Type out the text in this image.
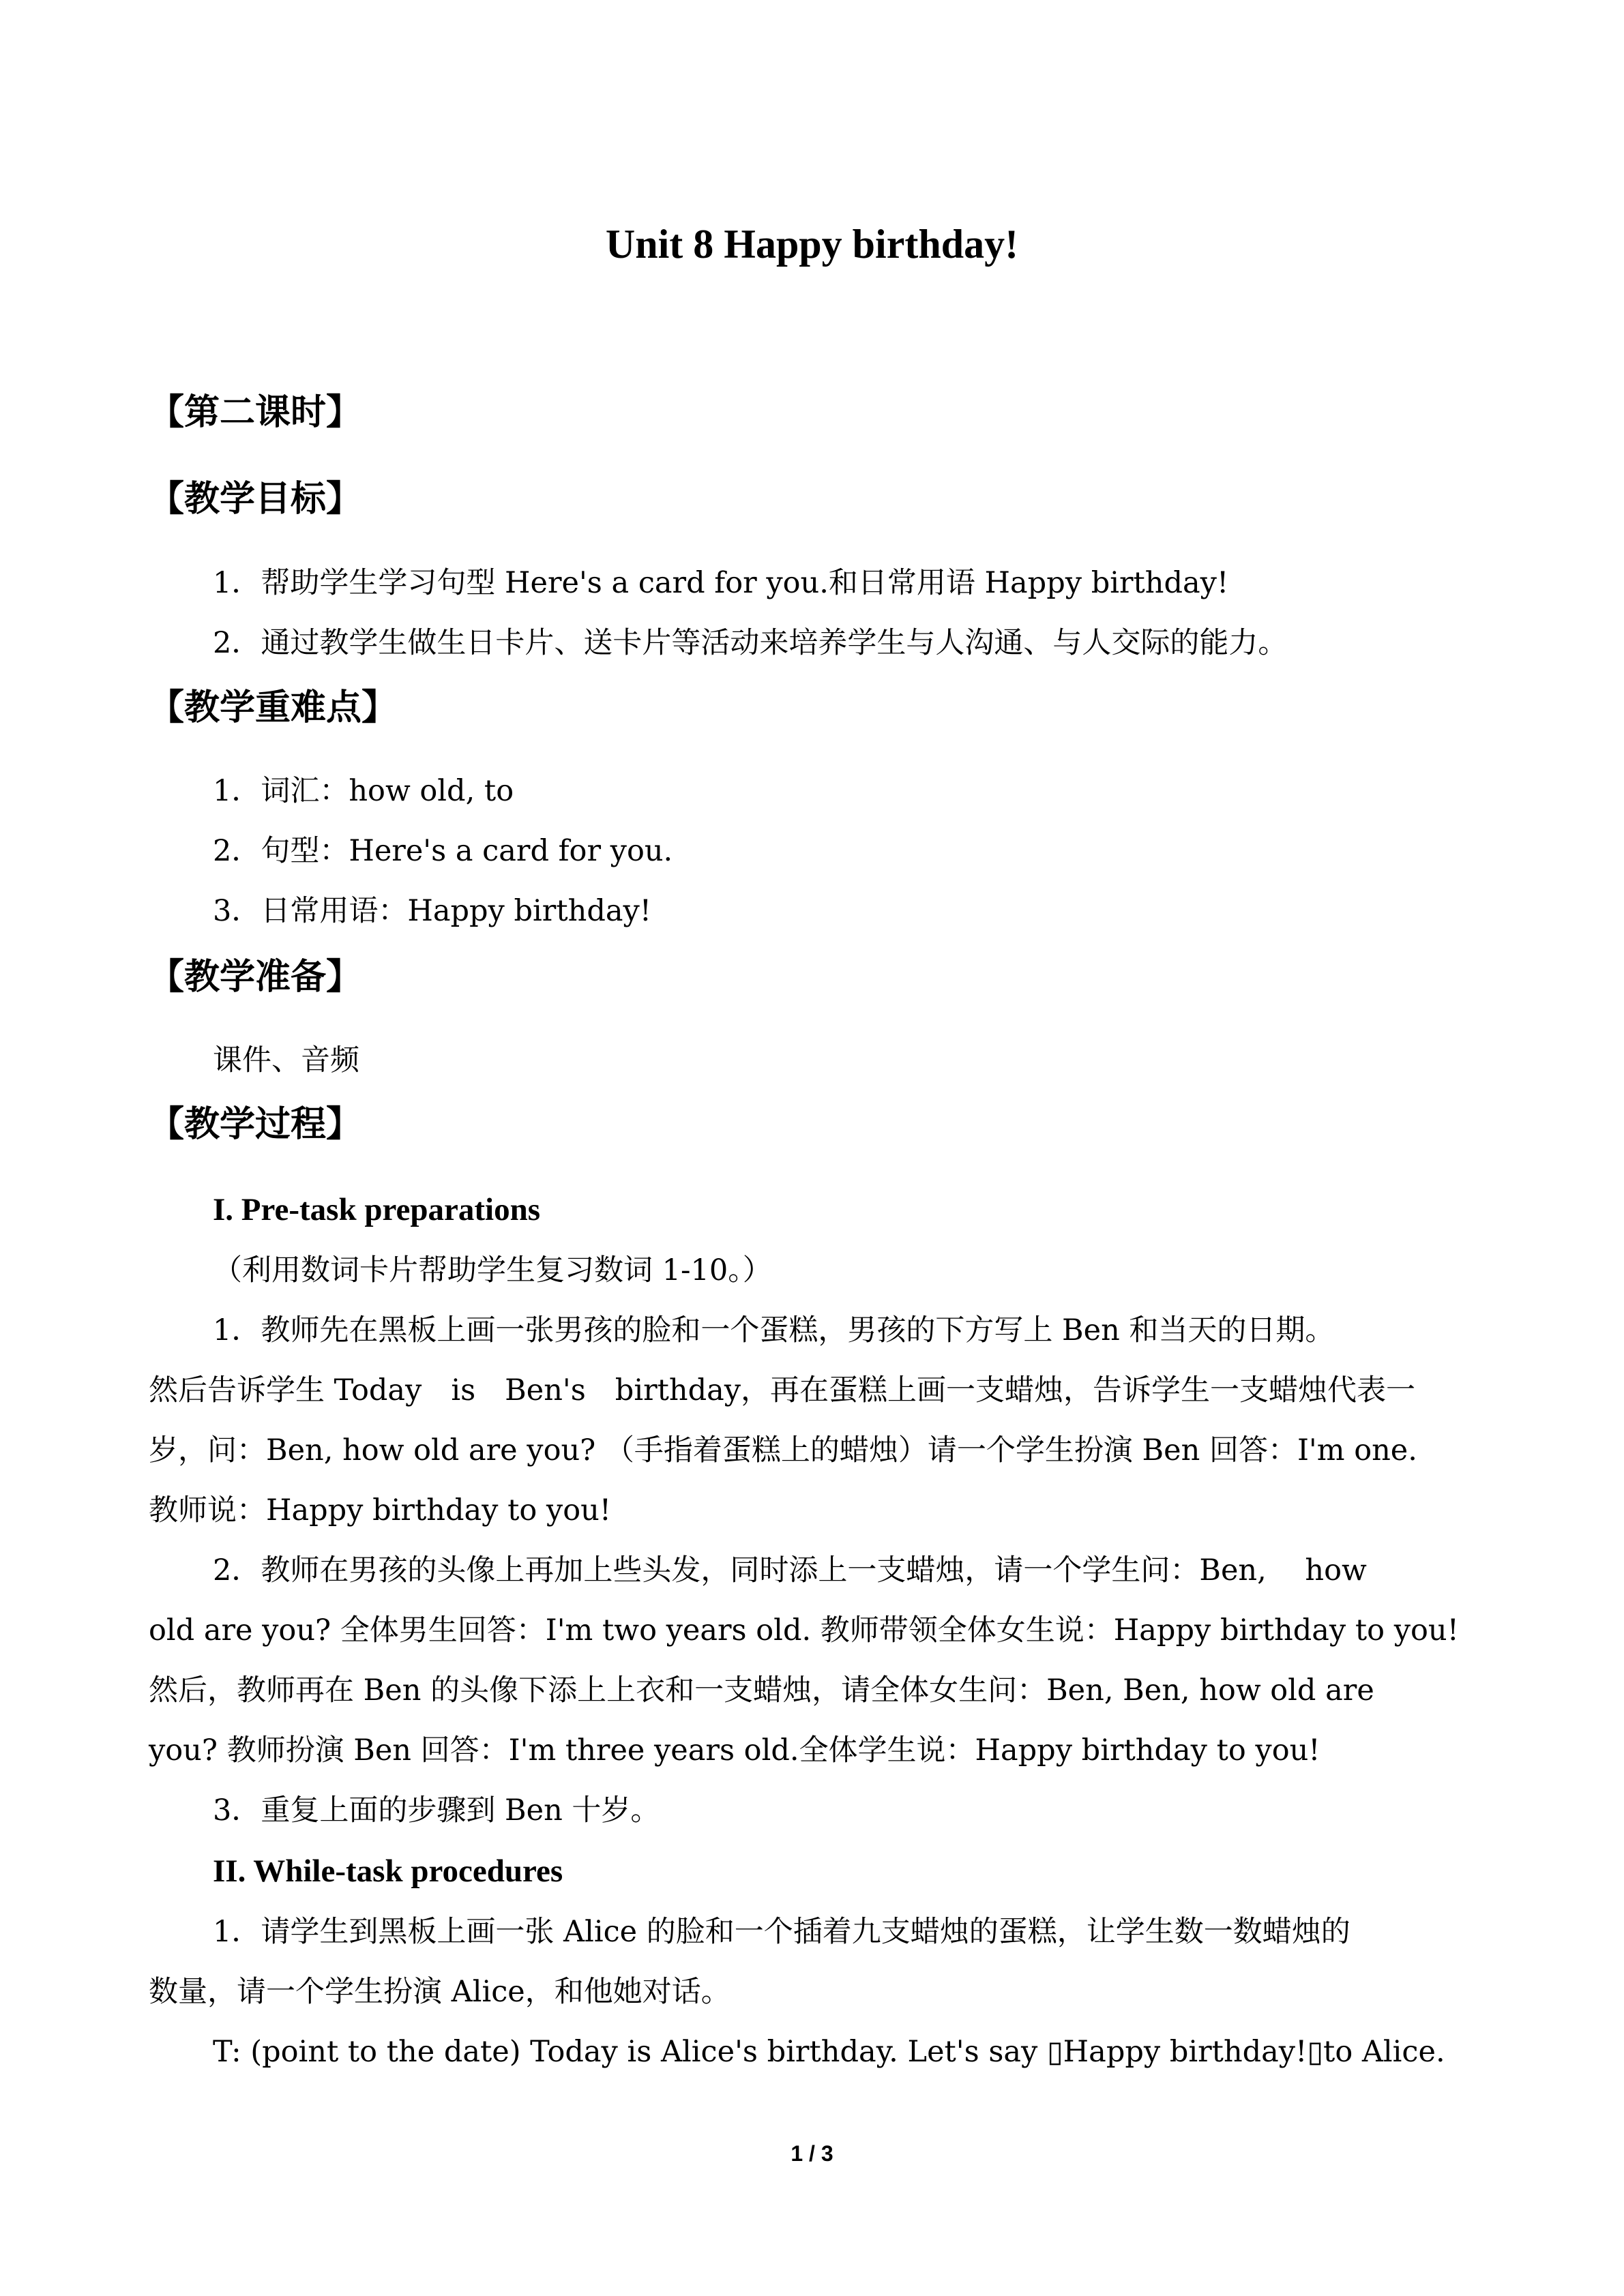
Unit 8 Happy birthday!
【第二课时】
【教学目标】
1．帮助学生学习句型 Here's a card for you.和日常用语 Happy birthday!
2．通过教学生做生日卡片、送卡片等活动来培养学生与人沟通、与人交际的能力。
【教学重难点】
1．词汇：how old, to
2．句型：Here's a card for you.
3．日常用语：Happy birthday!
【教学准备】
课件、音频
【教学过程】
I. Pre-task preparations
（利用数词卡片帮助学生复习数词 1-10。）
1．教师先在黑板上画一张男孩的脸和一个蛋糕，男孩的下方写上 Ben 和当天的日期。
然后告诉学生 Today　is　Ben's　birthday，再在蛋糕上画一支蜡烛，告诉学生一支蜡烛代表一
岁，问：Ben, how old are you? （手指着蛋糕上的蜡烛）请一个学生扮演 Ben 回答：I'm one.
教师说：Happy birthday to you!
2．教师在男孩的头像上再加上些头发，同时添上一支蜡烛，请一个学生问：Ben,　 how
old are you? 全体男生回答：I'm two years old. 教师带领全体女生说：Happy birthday to you!
然后，教师再在 Ben 的头像下添上上衣和一支蜡烛，请全体女生问：Ben, Ben, how old are
you? 教师扮演 Ben 回答：I'm three years old.全体学生说：Happy birthday to you!
3．重复上面的步骤到 Ben 十岁。
II. While-task procedures
1．请学生到黑板上画一张 Alice 的脸和一个插着九支蜡烛的蛋糕，让学生数一数蜡烛的
数量，请一个学生扮演 Alice，和他她对话。
T: (point to the date) Today is Alice's birthday. Let's say ▯Happy birthday!▯to Alice.
1 / 3
